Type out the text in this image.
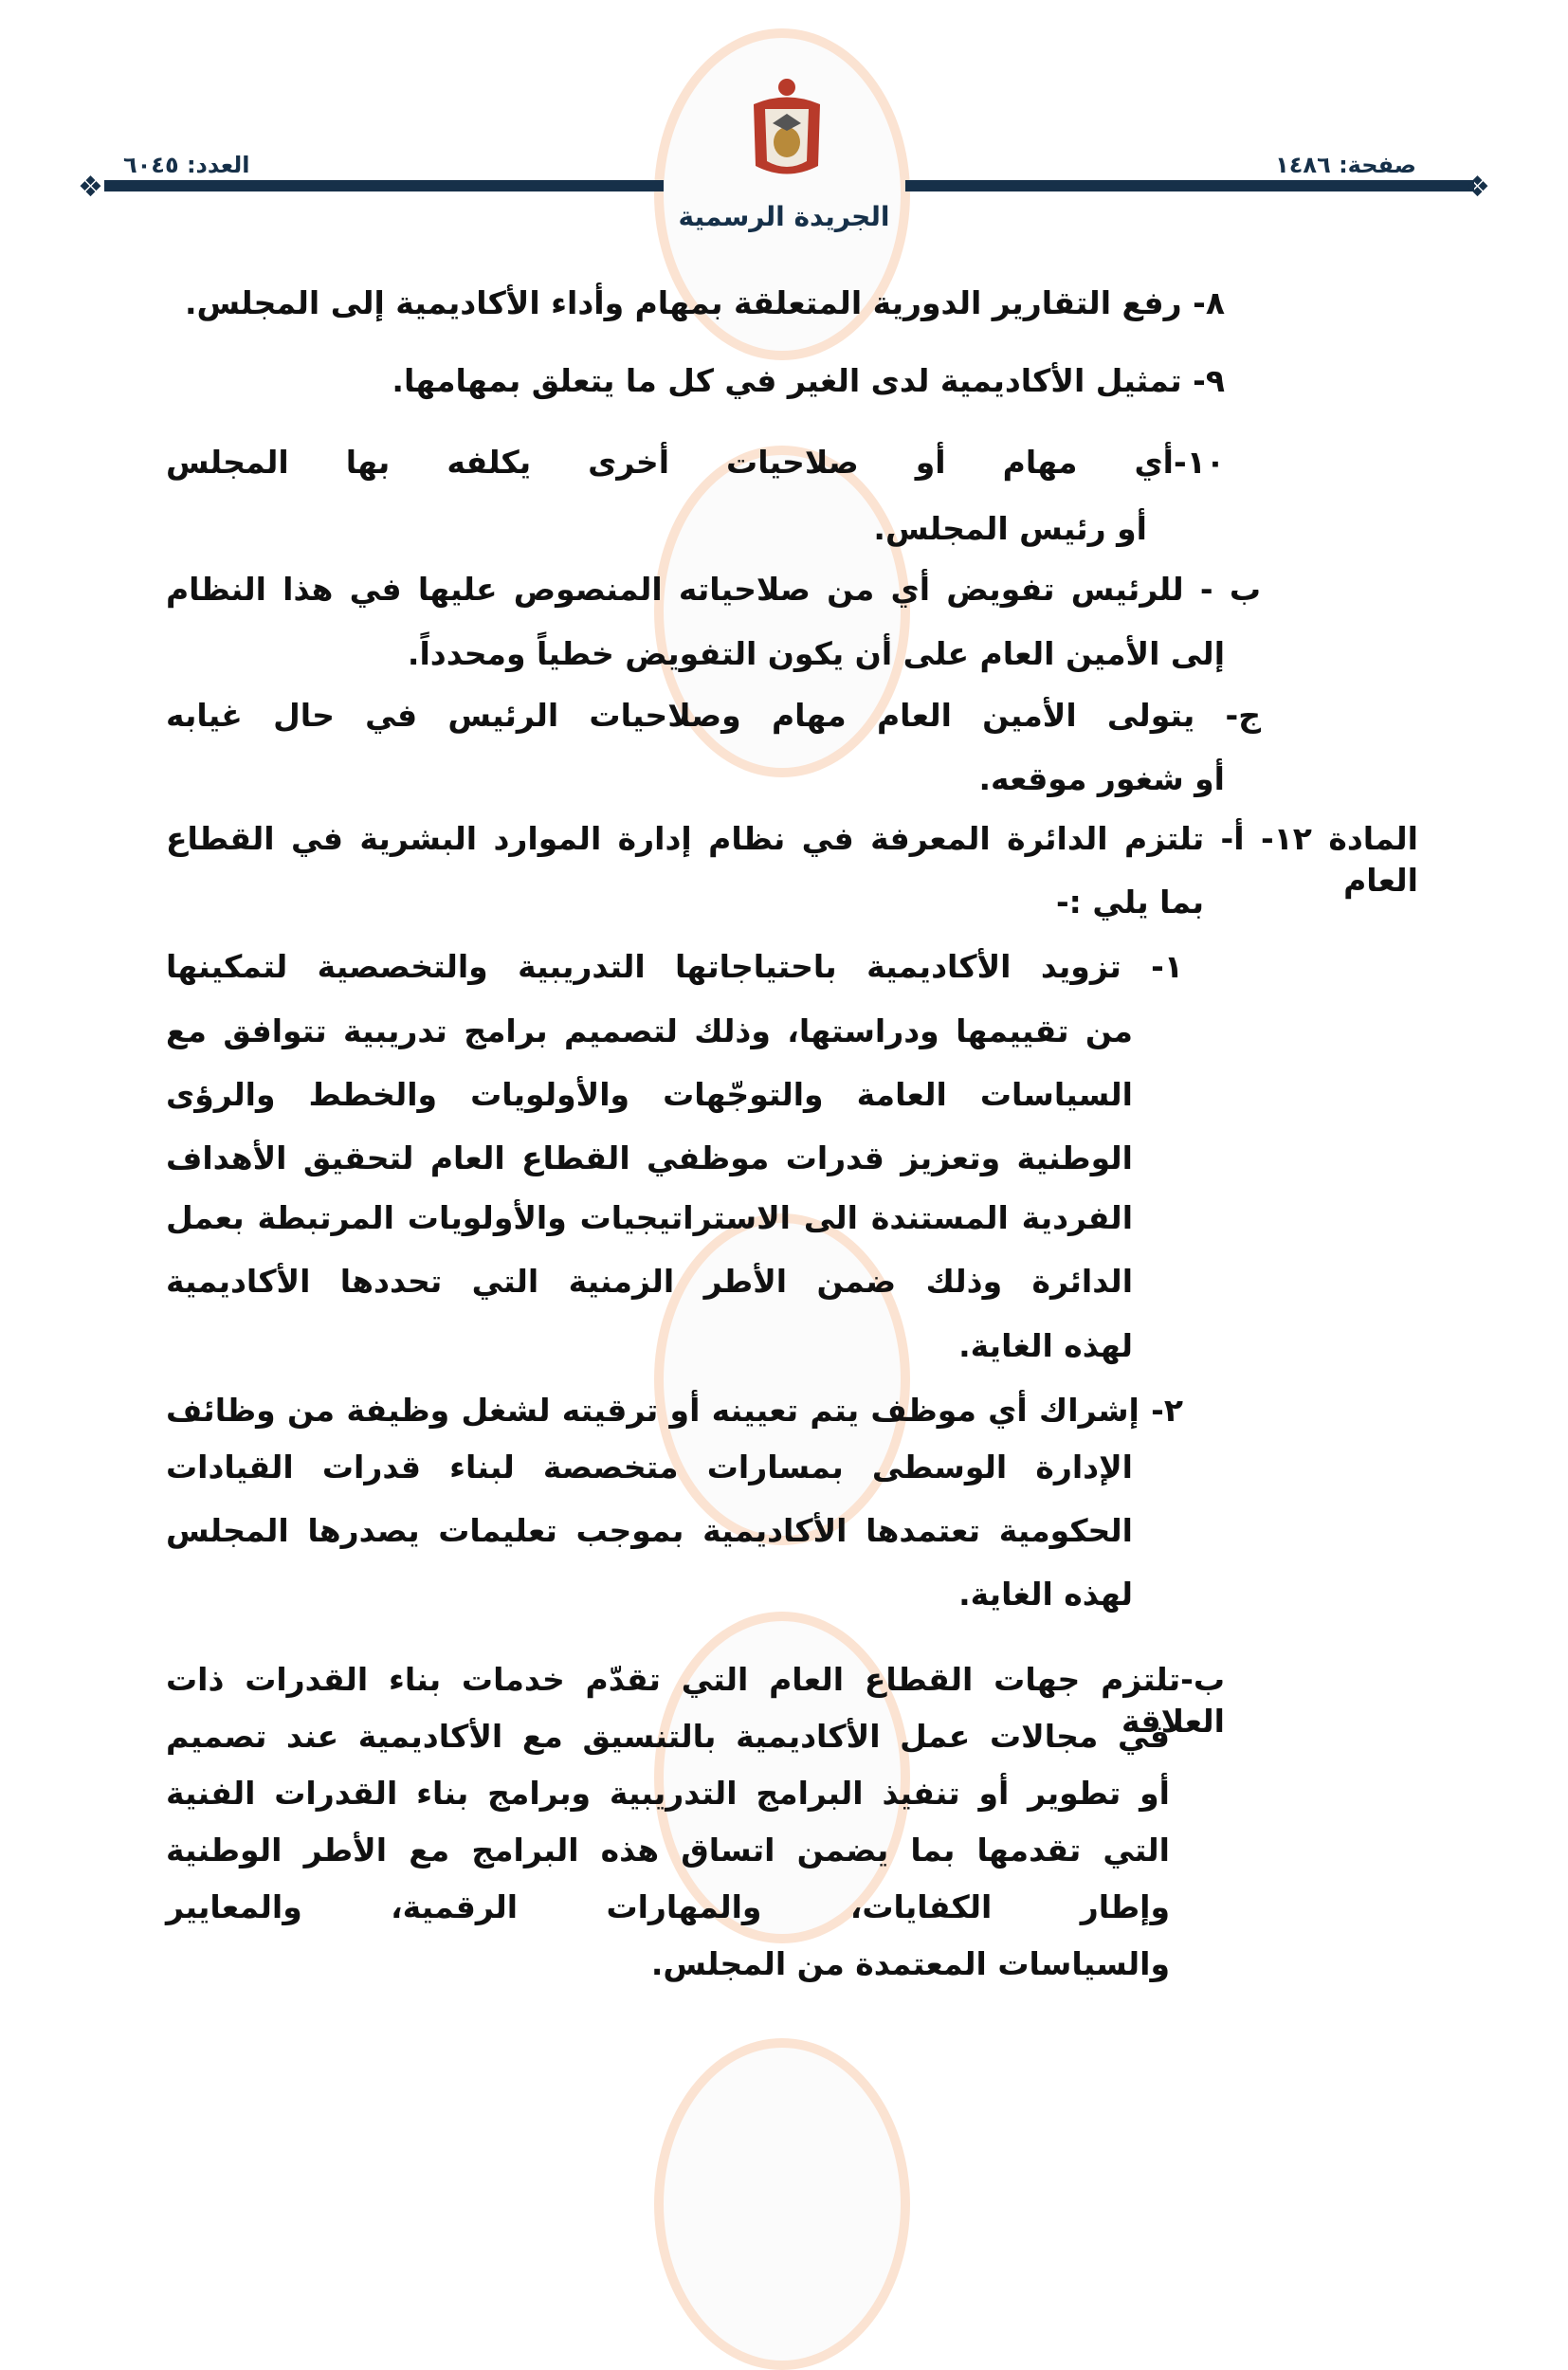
❖	❖
صفحة: ١٤٨٦
العدد: ٦٠٤٥
الجريدة الرسمية
٨- رفع التقارير الدورية المتعلقة بمهام وأداء الأكاديمية إلى المجلس.
٩- تمثيل الأكاديمية لدى الغير في كل ما يتعلق بمهامها.
١٠-أي مهام أو صلاحيات أخرى يكلفه بها المجلس
أو رئيس المجلس.
ب - للرئيس تفويض أي من صلاحياته المنصوص عليها في هذا النظام
إلى الأمين العام على أن يكون التفويض خطياً ومحدداً.
ج- يتولى الأمين العام مهام وصلاحيات الرئيس في حال غيابه
أو شغور موقعه.
المادة ١٢- أ- تلتزم الدائرة المعرفة في نظام إدارة الموارد البشرية في القطاع العام
بما يلي :-
١- تزويد الأكاديمية باحتياجاتها التدريبية والتخصصية لتمكينها
من تقييمها ودراستها، وذلك لتصميم برامج تدريبية تتوافق مع
السياسات العامة والتوجّهات والأولويات والخطط والرؤى
الوطنية وتعزيز قدرات موظفي القطاع العام لتحقيق الأهداف
الفردية المستندة الى الاستراتيجيات والأولويات المرتبطة بعمل
الدائرة وذلك ضمن الأطر الزمنية التي تحددها الأكاديمية
لهذه الغاية.
٢- إشراك أي موظف يتم تعيينه أو ترقيته لشغل وظيفة من وظائف
الإدارة الوسطى بمسارات متخصصة لبناء قدرات القيادات
الحكومية تعتمدها الأكاديمية بموجب تعليمات يصدرها المجلس
لهذه الغاية.
ب-تلتزم جهات القطاع العام التي تقدّم خدمات بناء القدرات ذات العلاقة
في مجالات عمل الأكاديمية بالتنسيق مع الأكاديمية عند تصميم
أو تطوير أو تنفيذ البرامج التدريبية وبرامج بناء القدرات الفنية
التي تقدمها بما يضمن اتساق هذه البرامج مع الأطر الوطنية
وإطار الكفايات، والمهارات الرقمية، والمعايير
والسياسات المعتمدة من المجلس.
